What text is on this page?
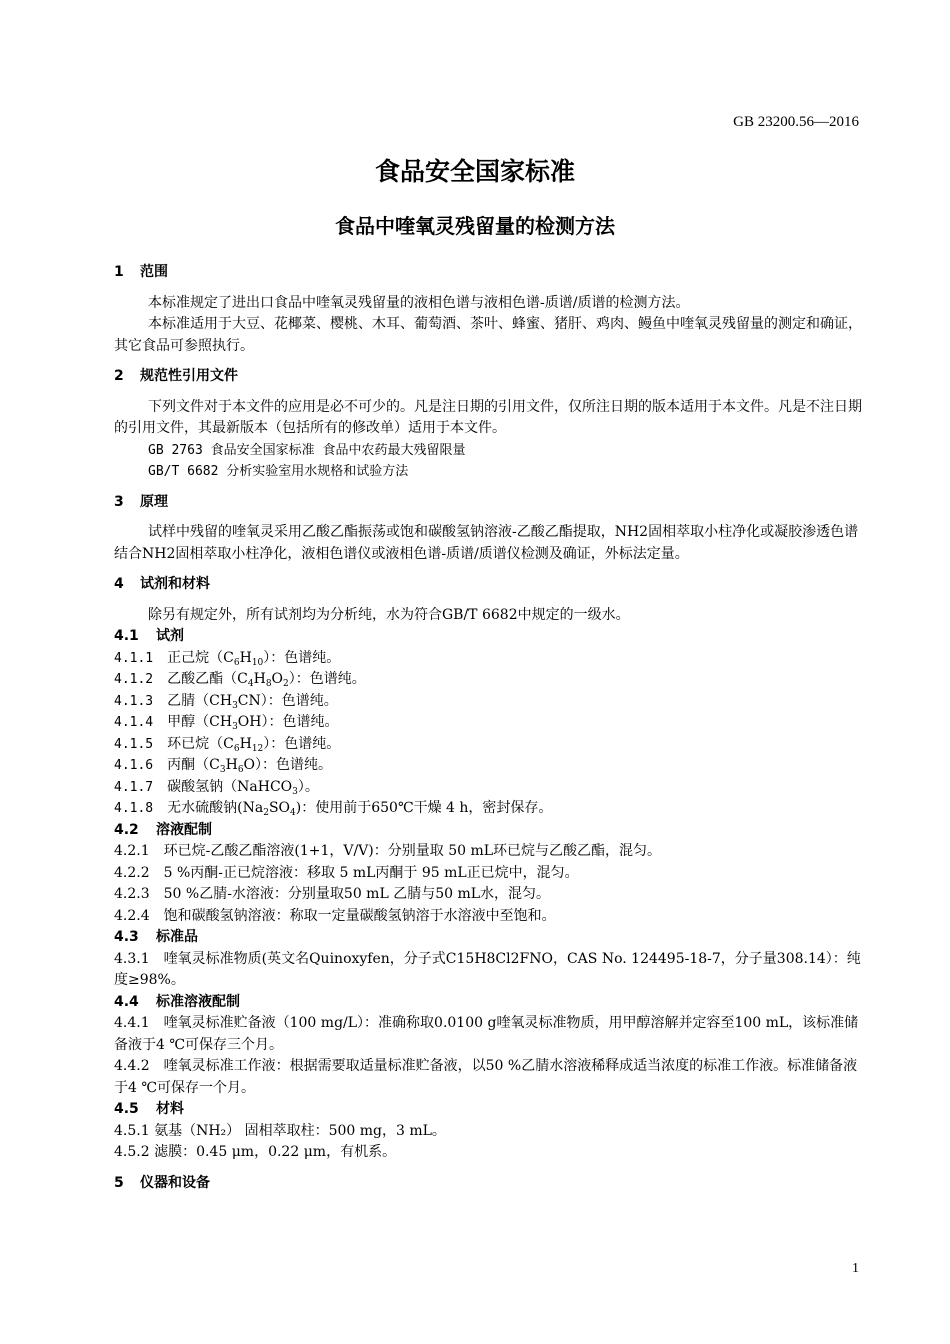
GB 23200.56—2016
食品安全国家标准
食品中喹氧灵残留量的检测方法
1 范围

本标准规定了进出口食品中喹氧灵残留量的液相色谱与液相色谱-质谱/质谱的检测方法。

本标准适用于大豆、花椰菜、樱桃、木耳、葡萄酒、茶叶、蜂蜜、猪肝、鸡肉、鳗鱼中喹氧灵残留量的测定和确证，其它食品可参照执行。

2 规范性引用文件

下列文件对于本文件的应用是必不可少的。凡是注日期的引用文件，仅所注日期的版本适用于本文件。凡是不注日期的引用文件，其最新版本（包括所有的修改单）适用于本文件。

GB 2763 食品安全国家标准 食品中农药最大残留限量

GB/T 6682 分析实验室用水规格和试验方法

3 原理

试样中残留的喹氧灵采用乙酸乙酯振荡或饱和碳酸氢钠溶液-乙酸乙酯提取，NH2固相萃取小柱净化或凝胶渗透色谱结合NH2固相萃取小柱净化，液相色谱仪或液相色谱-质谱/质谱仪检测及确证，外标法定量。

4 试剂和材料

除另有规定外，所有试剂均为分析纯，水为符合GB/T 6682中规定的一级水。

4.1 试剂

4.1.1　 正己烷$(C_6H_{10})$：色谱纯。

4.1.2　 乙酸乙酯$(C_4H_8O_2)$：色谱纯。

4.1.3　 乙腈$(CH_3CN)$：色谱纯。

4.1.4　 甲醇$(CH_3OH)$：色谱纯。

4.1.5　 环已烷$(C_6H_{12})$：色谱纯。

4.1.6　 丙酮$(C_3H_6O)$：色谱纯。

4.1.7　 碳酸氢钠（NaHCO$_3$）。

4.1.8　 无水硫酸钠$(Na_2SO_4)$：使用前于650℃干燥 4 h，密封保存。

4.2 溶液配制

4.2.1　环已烷-乙酸乙酯溶液(1+1，V/V)：分别量取 50 mL环已烷与乙酸乙酯，混匀。

4.2.2　5 %丙酮-正已烷溶液：移取 5 mL丙酮于 95 mL正已烷中，混匀。

4.2.3　50 %乙腈-水溶液：分别量取50 mL 乙腈与50 mL水，混匀。

4.2.4　饱和碳酸氢钠溶液：称取一定量碳酸氢钠溶于水溶液中至饱和。

4.3 标准品

4.3.1　喹氧灵标准物质(英文名Quinoxyfen，分子式C15H8Cl2FNO，CAS No. 124495-18-7，分子量308.14）：纯度≥98%。

4.4 标准溶液配制

4.4.1　喹氧灵标准贮备液（100 mg/L）：准确称取0.0100 g喹氧灵标准物质，用甲醇溶解并定容至100 mL，该标准储备液于4 ℃可保存三个月。

4.4.2　喹氧灵标准工作液：根据需要取适量标准贮备液，以50 %乙腈水溶液稀释成适当浓度的标准工作液。标准储备液于4 ℃可保存一个月。

4.5 材料

4.5.1 氨基（NH₂） 固相萃取柱：500 mg，3 mL。

4.5.2 滤膜：0.45 μm，0.22 μm，有机系。

5 仪器和设备
1
